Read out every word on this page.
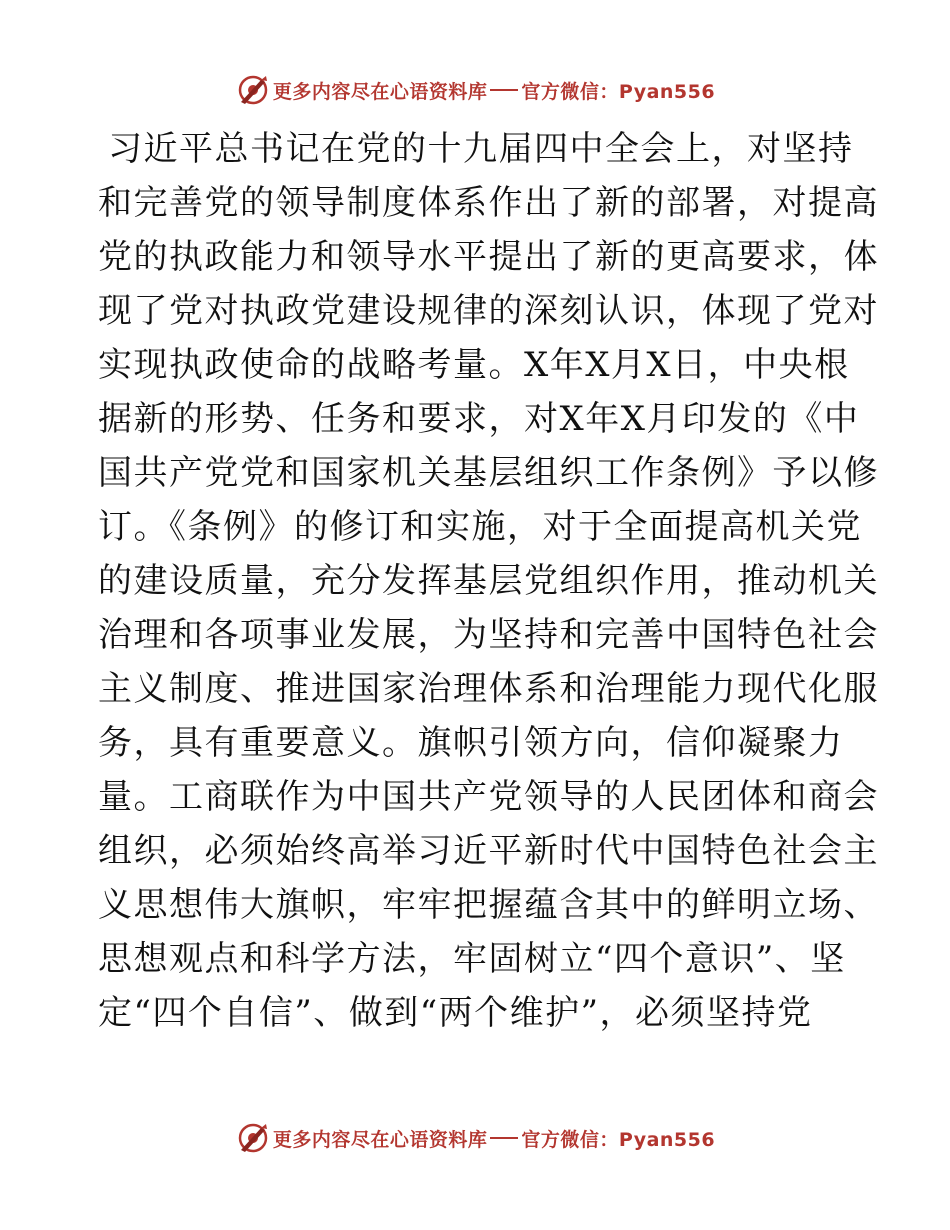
更多内容尽在心语资料库 官方微信：Pyan556
习近平总书记在党的十九届四中全会上，对坚持
和完善党的领导制度体系作出了新的部署，对提高
党的执政能力和领导水平提出了新的更高要求，体
现了党对执政党建设规律的深刻认识，体现了党对
实现执政使命的战略考量。X年X月X日，中央根
据新的形势、任务和要求，对X年X月印发的《中
国共产党党和国家机关基层组织工作条例》予以修
订。《条例》的修订和实施，对于全面提高机关党
的建设质量，充分发挥基层党组织作用，推动机关
治理和各项事业发展，为坚持和完善中国特色社会
主义制度、推进国家治理体系和治理能力现代化服
务，具有重要意义。旗帜引领方向，信仰凝聚力
量。工商联作为中国共产党领导的人民团体和商会
组织，必须始终高举习近平新时代中国特色社会主
义思想伟大旗帜，牢牢把握蕴含其中的鲜明立场、
思想观点和科学方法，牢固树立“四个意识”、坚
定“四个自信”、做到“两个维护”，必须坚持党
更多内容尽在心语资料库 官方微信：Pyan556
